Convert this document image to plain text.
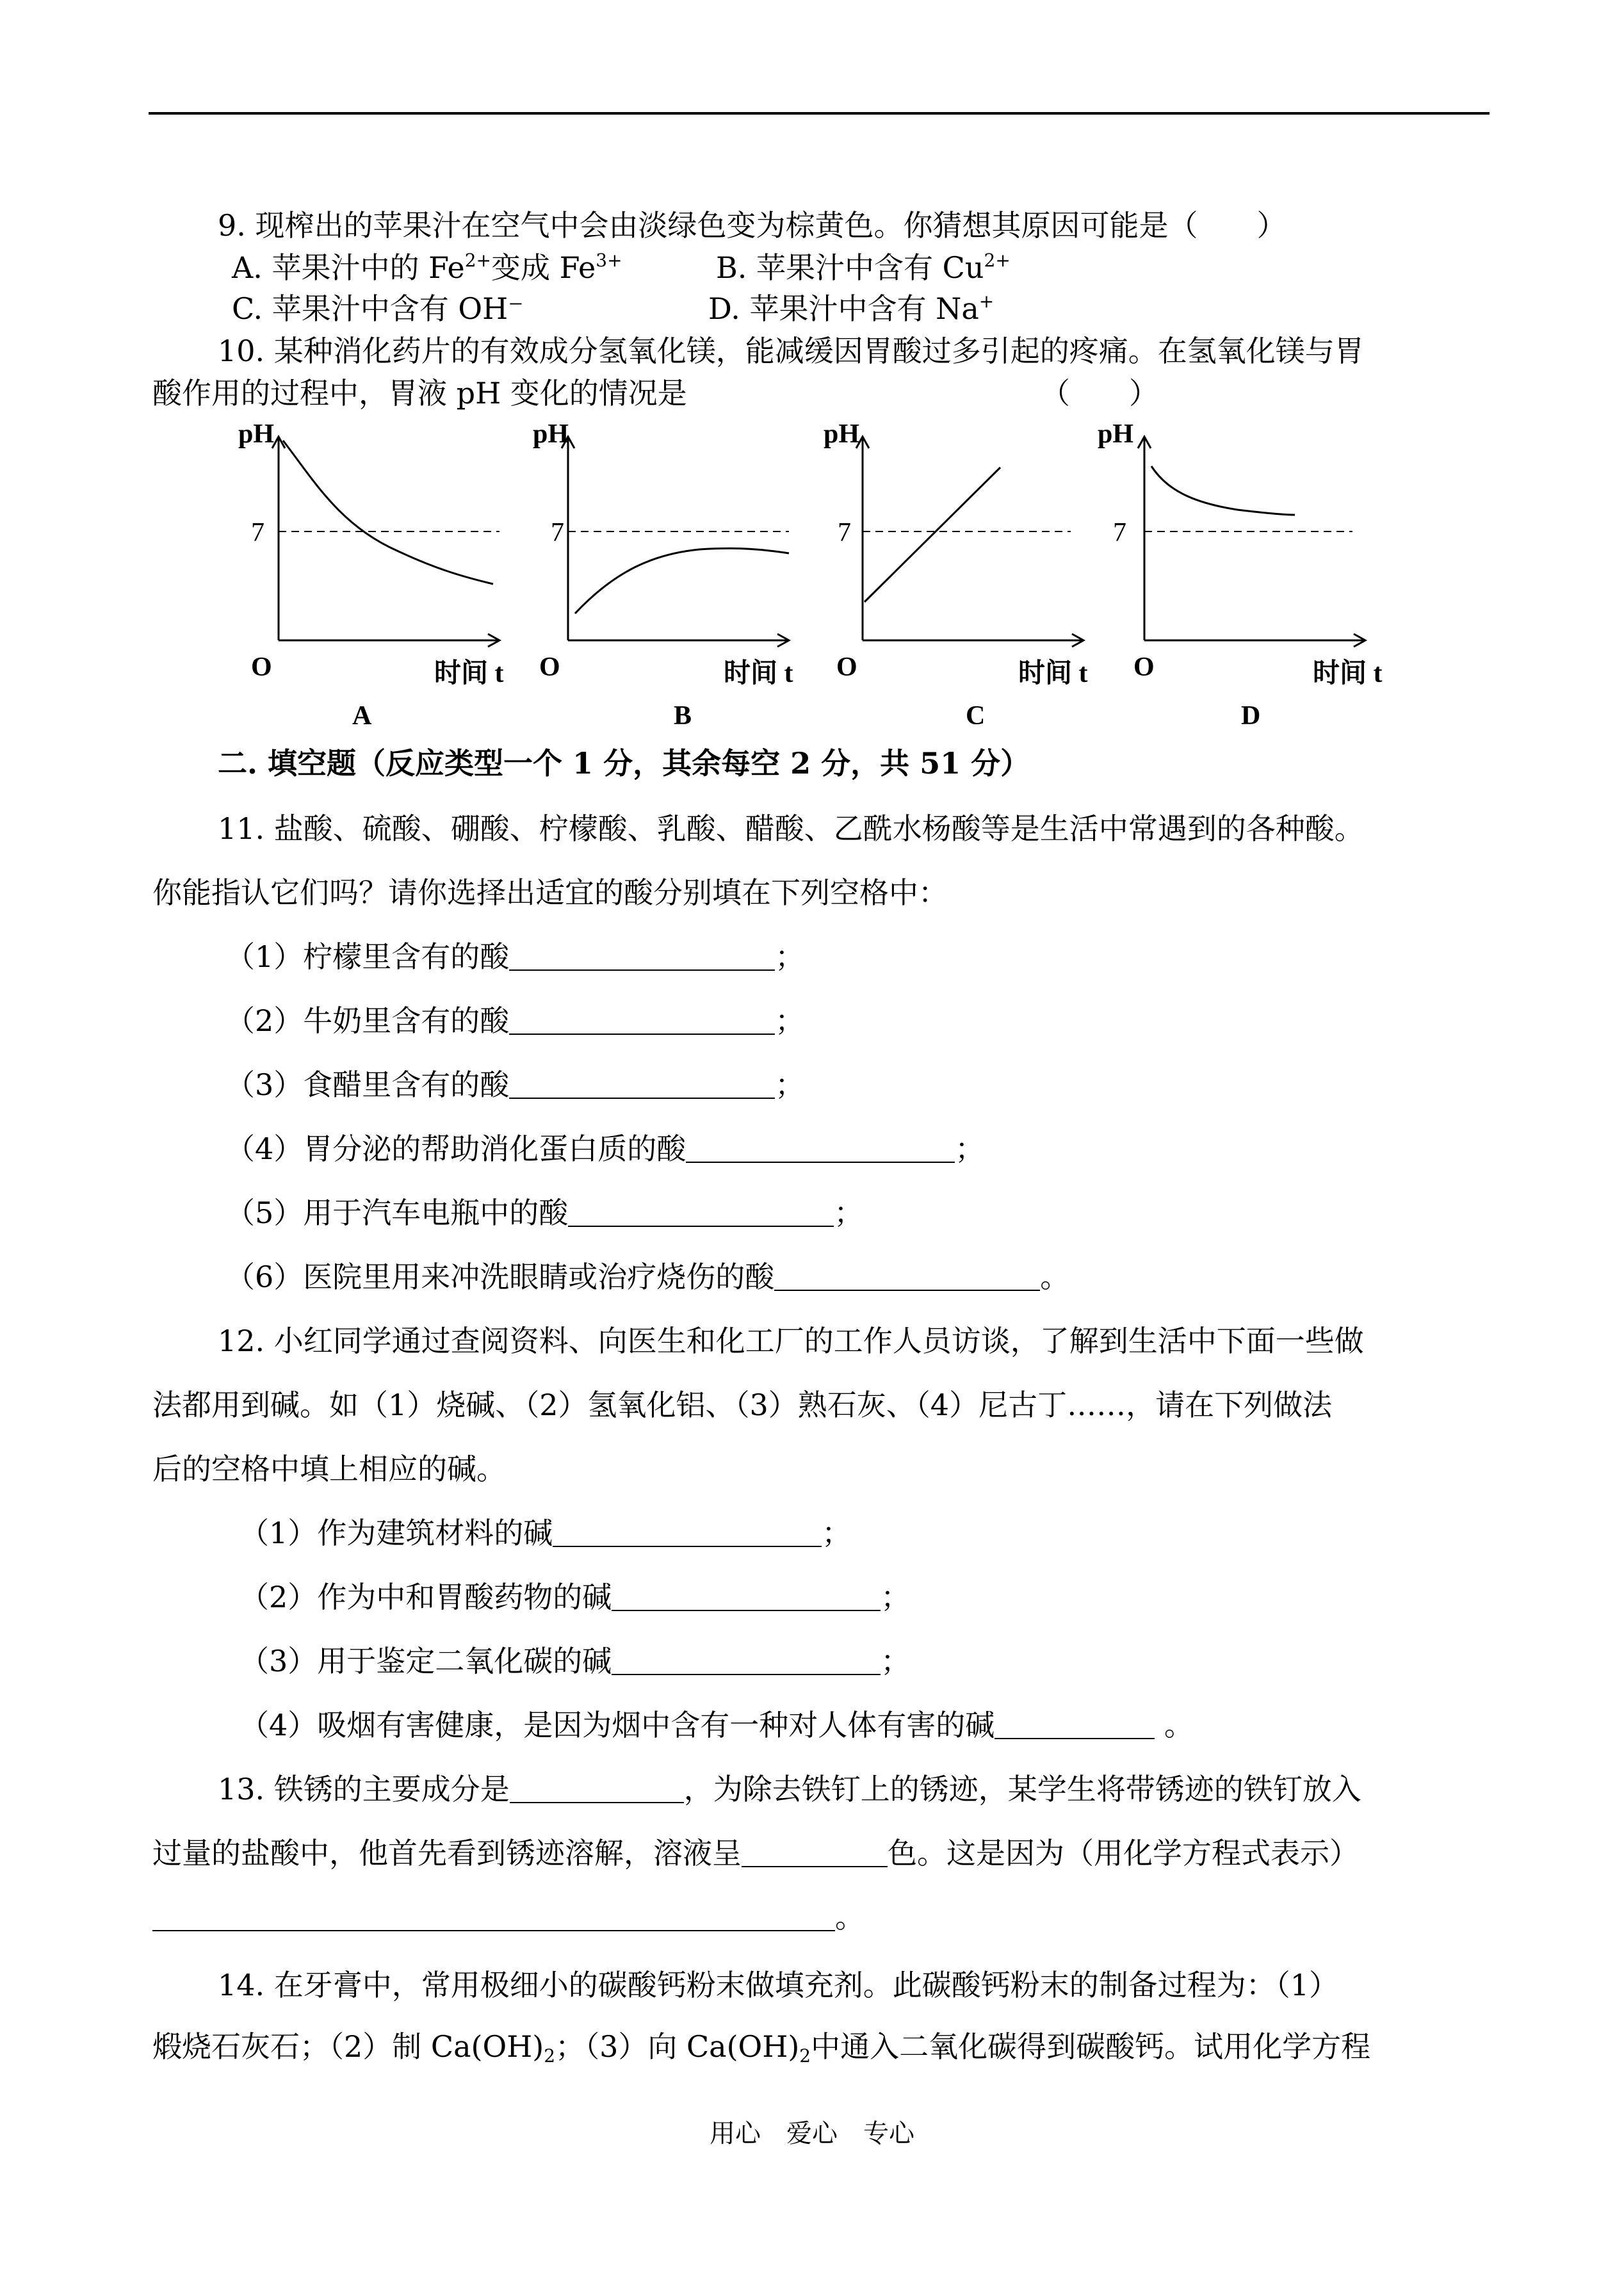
9. 现榨出的苹果汁在空气中会由淡绿色变为棕黄色。你猜想其原因可能是（　　）
A. 苹果汁中的 $Fe^{2+}$变成 $Fe^{3+}$	B. 苹果汁中含有 $Cu^{2+}$
C. 苹果汁中含有 OH⁻	D. 苹果汁中含有 Na+
10. 某种消化药片的有效成分氢氧化镁，能减缓因胃酸过多引起的疼痛。在氢氧化镁与胃
酸作用的过程中，胃液 pH 变化的情况是	（　　）
pH
7
O	时间 t
A
pH
7
O	时间 t
B
pH
7
O	时间 t
C
pH
7
O	时间 t
D
二. 填空题（反应类型一个 1 分，其余每空 2 分，共 51 分）
11. 盐酸、硫酸、硼酸、柠檬酸、乳酸、醋酸、乙酰水杨酸等是生活中常遇到的各种酸。
你能指认它们吗？请你选择出适宜的酸分别填在下列空格中：
（1）柠檬里含有的酸	；
（2）牛奶里含有的酸	；
（3）食醋里含有的酸	；
（4）胃分泌的帮助消化蛋白质的酸	；
（5）用于汽车电瓶中的酸	；
（6）医院里用来冲洗眼睛或治疗烧伤的酸	。
12. 小红同学通过查阅资料、向医生和化工厂的工作人员访谈，了解到生活中下面一些做
法都用到碱。如（1）烧碱、（2）氢氧化铝、（3）熟石灰、（4）尼古丁……，请在下列做法
后的空格中填上相应的碱。
（1）作为建筑材料的碱	；
（2）作为中和胃酸药物的碱	；
（3）用于鉴定二氧化碳的碱	；
（4）吸烟有害健康，是因为烟中含有一种对人体有害的碱	。
13. 铁锈的主要成分是	，为除去铁钉上的锈迹，某学生将带锈迹的铁钉放入
过量的盐酸中，他首先看到锈迹溶解，溶液呈	色。这是因为（用化学方程式表示）
。
14. 在牙膏中，常用极细小的碳酸钙粉末做填充剂。此碳酸钙粉末的制备过程为：（1）
煅烧石灰石；（2）制 $Ca(OH)_2$；（3）向 $Ca(OH)_2$中通入二氧化碳得到碳酸钙。试用化学方程
用心　爱心　专心
